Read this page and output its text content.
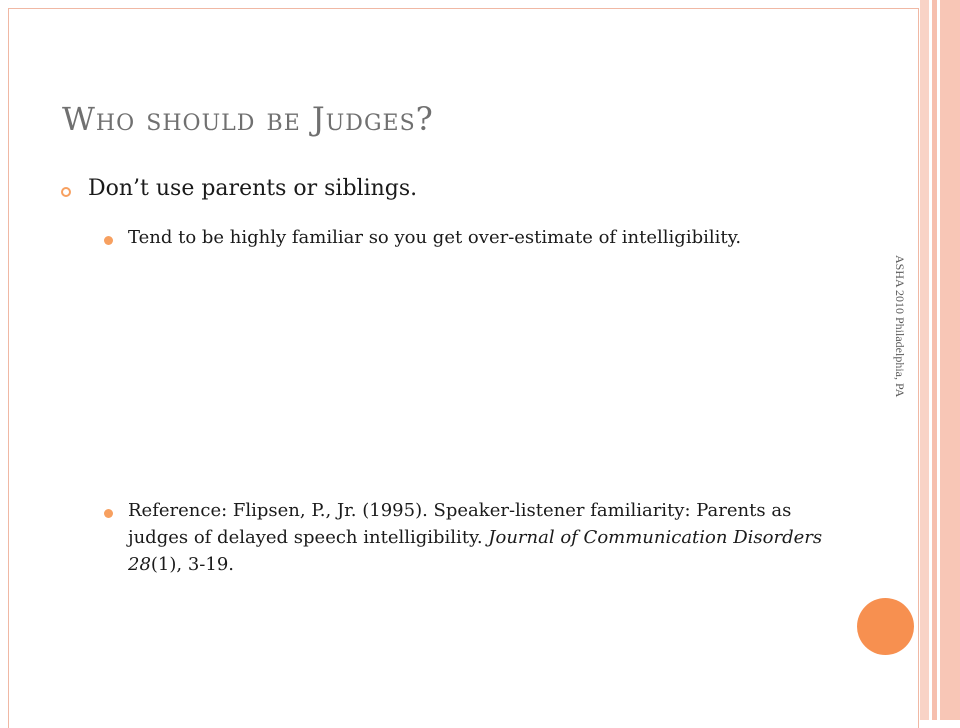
Who should be Judges?
Don’t use parents or siblings.
Tend to be highly familiar so you get over-estimate of intelligibility.
Reference: Flipsen, P., Jr. (1995). Speaker-listener familiarity: Parents as judges of delayed speech intelligibility. Journal of Communication Disorders 28(1), 3-19.
ASHA 2010 Philadelphia, PA
